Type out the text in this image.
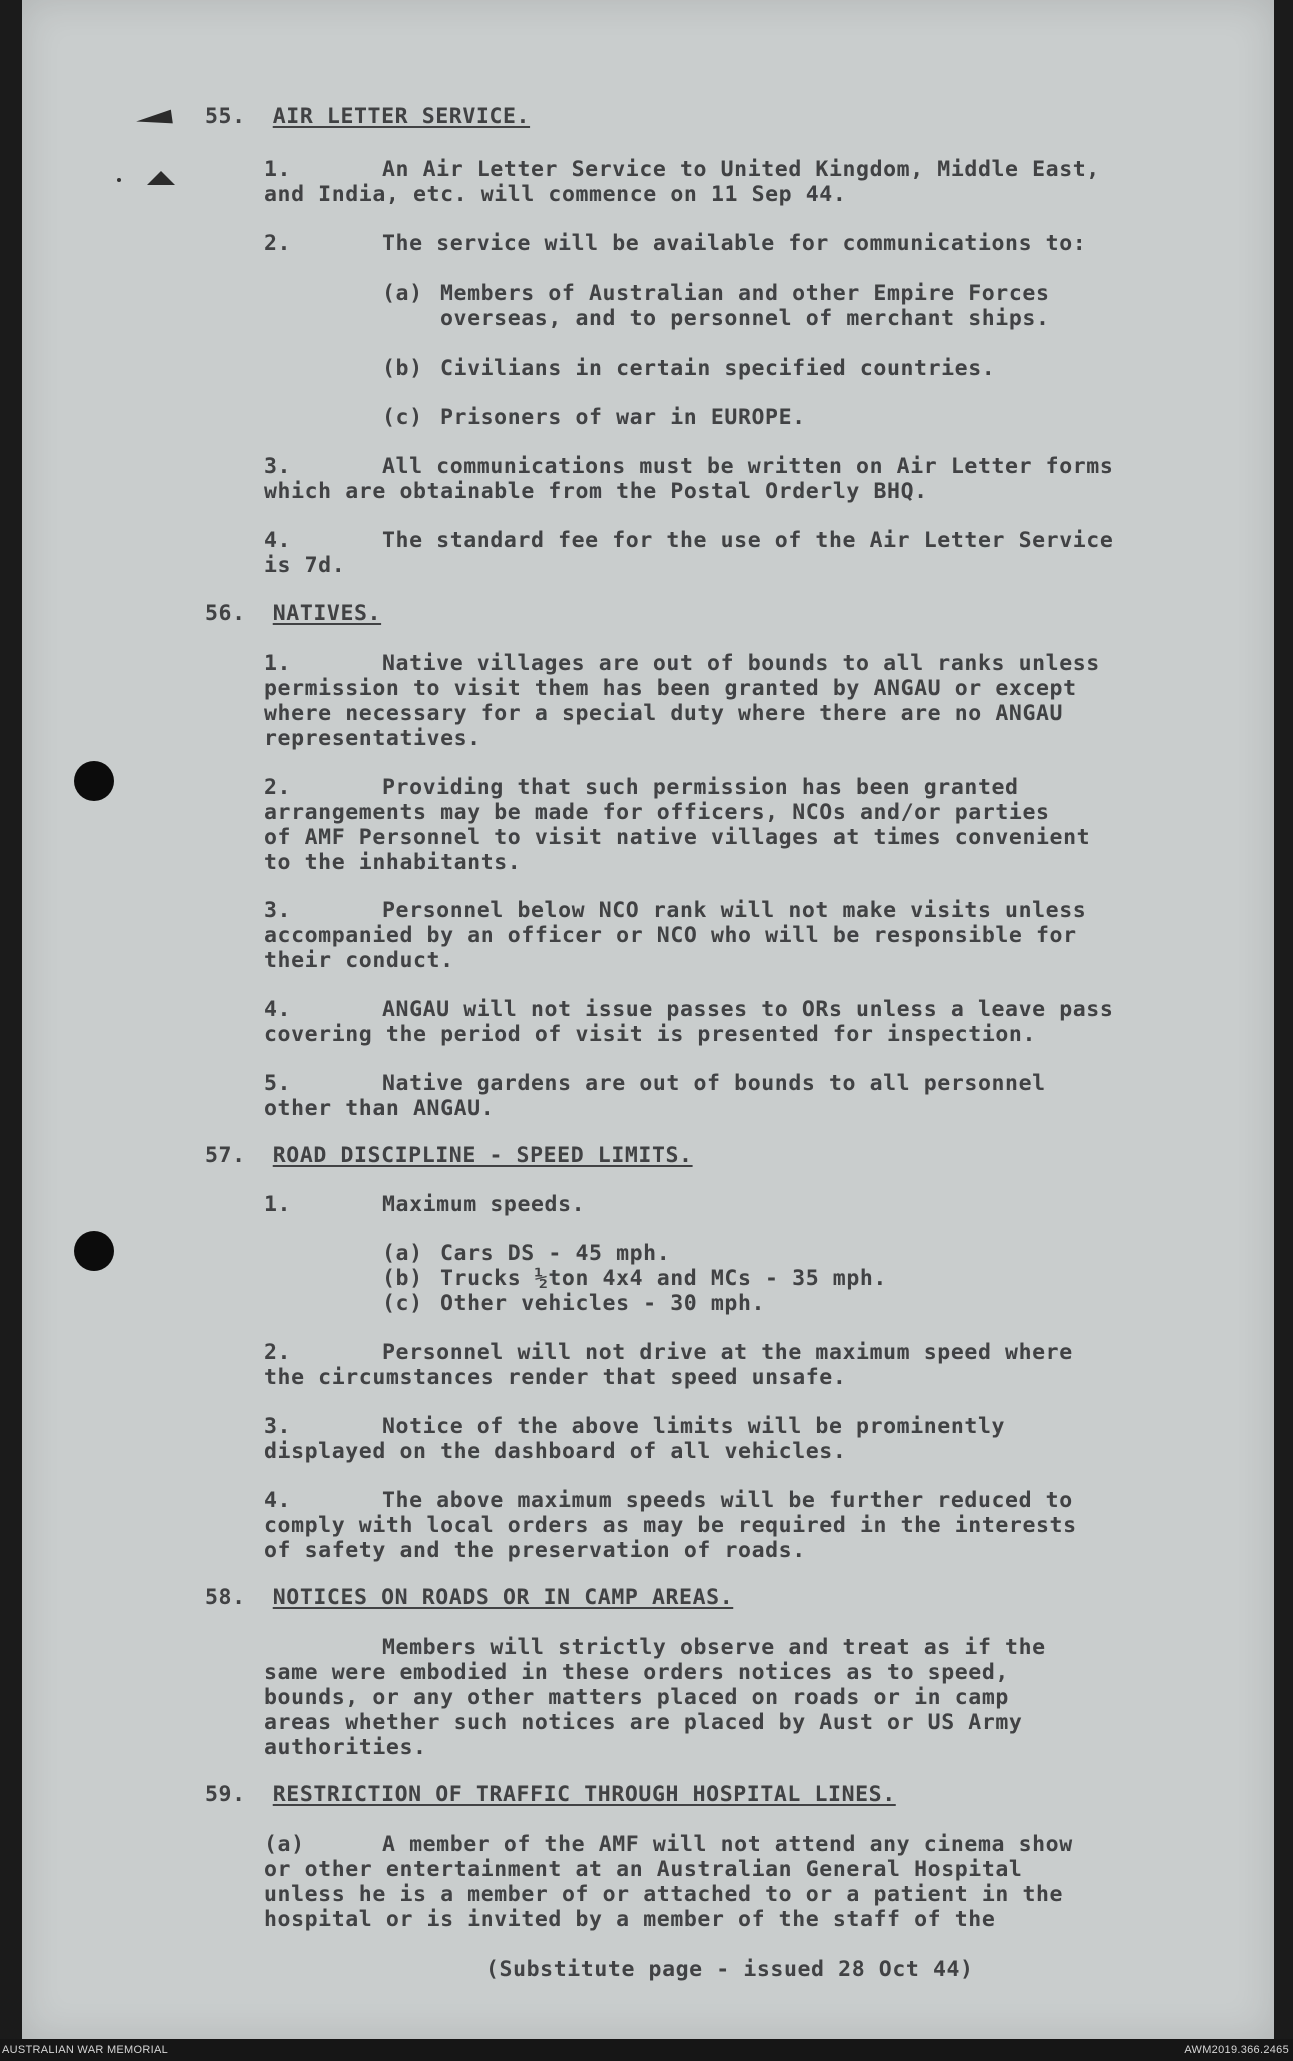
55. AIR LETTER SERVICE.

1.	An Air Letter Service to United Kingdom, Middle East,

and India, etc. will commence on 11 Sep 44.

2.	The service will be available for communications to:

(a) Members of Australian and other Empire Forces

overseas, and to personnel of merchant ships.

(b) Civilians in certain specified countries.

(c) Prisoners of war in EUROPE.

3.	All communications must be written on Air Letter forms

which are obtainable from the Postal Orderly BHQ.

4.	The standard fee for the use of the Air Letter Service

is 7d.

56. NATIVES.

1.	Native villages are out of bounds to all ranks unless

permission to visit them has been granted by ANGAU or except

where necessary for a special duty where there are no ANGAU

representatives.

2.	Providing that such permission has been granted

arrangements may be made for officers, NCOs and/or parties

of AMF Personnel to visit native villages at times convenient

to the inhabitants.

3.	Personnel below NCO rank will not make visits unless

accompanied by an officer or NCO who will be responsible for

their conduct.

4.	ANGAU will not issue passes to ORs unless a leave pass

covering the period of visit is presented for inspection.

5.	Native gardens are out of bounds to all personnel

other than ANGAU.

57. ROAD DISCIPLINE - SPEED LIMITS.

1.	Maximum speeds.

(a) Cars DS - 45 mph.

(b) Trucks ½ton 4x4 and MCs - 35 mph.

(c) Other vehicles - 30 mph.

2.	Personnel will not drive at the maximum speed where

the circumstances render that speed unsafe.

3.	Notice of the above limits will be prominently

displayed on the dashboard of all vehicles.

4.	The above maximum speeds will be further reduced to

comply with local orders as may be required in the interests

of safety and the preservation of roads.

58. NOTICES ON ROADS OR IN CAMP AREAS.

Members will strictly observe and treat as if the

same were embodied in these orders notices as to speed,

bounds, or any other matters placed on roads or in camp

areas whether such notices are placed by Aust or US Army

authorities.

59. RESTRICTION OF TRAFFIC THROUGH HOSPITAL LINES.

(a)	A member of the AMF will not attend any cinema show

or other entertainment at an Australian General Hospital

unless he is a member of or attached to or a patient in the

hospital or is invited by a member of the staff of the

(Substitute page - issued 28 Oct 44)

AUSTRALIAN WAR MEMORIAL	AWM2019.366.2465
